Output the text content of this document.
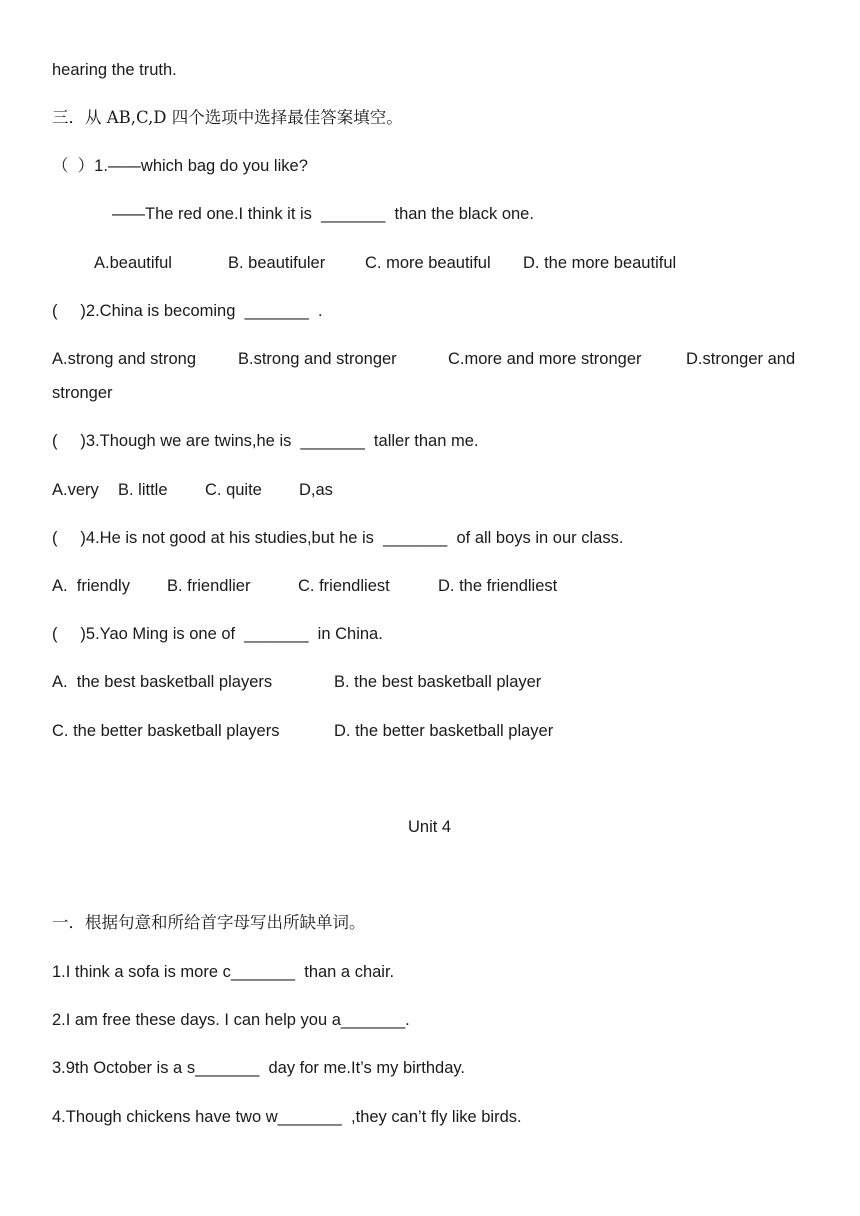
hearing the truth.
三．从 AB,C,D 四个选项中选择最佳答案填空。
（  ）1.——which bag do you like?
——The red one.I think it is  _______  than the black one.
A.beautiful	B. beautifuler C. more beautiful D. the more beautiful
(     )2.China is becoming  _______  .
A.strong and strong	B.strong and stronger	C.more and more stronger	D.stronger and
stronger
(     )3.Though we are twins,he is  _______  taller than me.
A.very B. little C. quite D,as
(     )4.He is not good at his studies,but he is  _______  of all boys in our class.
A.  friendly B. friendlier	C. friendliest	D. the friendliest
(     )5.Yao Ming is one of  _______  in China.
A.  the best basketball players	B. the best basketball player
C. the better basketball players	D. the better basketball player
Unit 4
一．根据句意和所给首字母写出所缺单词。
1.I think a sofa is more c_______  than a chair.
2.I am free these days. I can help you a_______.
3.9th October is a s_______  day for me.It’s my birthday.
4.Though chickens have two w_______  ,they can’t fly like birds.
